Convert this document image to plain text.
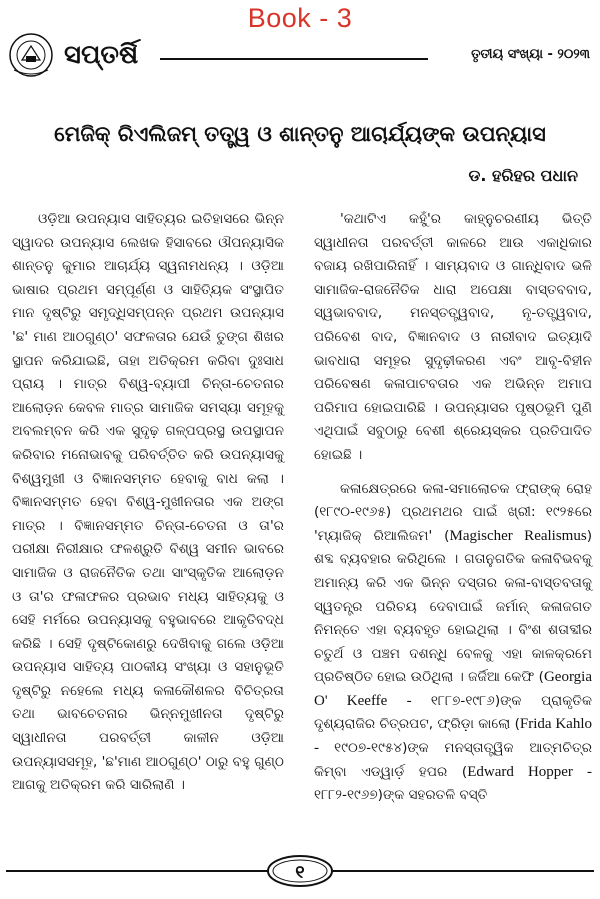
Book - 3
ସପ୍ତର୍ଷି	ତୃତୀୟ ସଂଖ୍ୟା - ୨୦୨୩
ମେଜିକ୍ ରିଏଲିଜମ୍ ତତ୍ତ୍ୱ ଓ ଶାନ୍ତନୁ ଆଚାର୍ଯ୍ୟଙ୍କ ଉପନ୍ୟାସ
ଡ. ହରିହର ପଧାନ

ଓଡ଼ିଆ ଉପନ୍ୟାସ ସାହିତ୍ୟର ଇତିହାସରେ ଭିନ୍ନ ସ୍ୱାଦର ଉପନ୍ୟାସ ଲେଖକ ହିସାବରେ ଔପନ୍ୟାସିକ ଶାନ୍ତନୁ କୁମାର ଆଚାର୍ଯ୍ୟ ସ୍ୱନାମଧନ୍ୟ । ଓଡ଼ିଆ ଭାଷାର ପ୍ରଥମ ସମ୍ପୂର୍ଣ୍ଣ ଓ ସାହିତ୍ୟିକ ସଂସ୍ଥାପିତ ମାନ ଦୃଷ୍ଟିରୁ ସମୃଦ୍ଧିସମ୍ପନ୍ନ ପ୍ରଥମ ଉପନ୍ୟାସ 'ଛ' ମାଣ ଆଠଗୁଣ୍ଠ' ସଫଳତାର ଯେଉଁ ତୁଙ୍ଗ ଶିଖର ସ୍ଥାପନ କରିଯାଇଛି, ତାହା ଅତିକ୍ରମ କରିବା ଦୁଃସାଧ ପ୍ରାୟ । ମାତ୍ର ବିଶ୍ୱ-ବ୍ୟାପୀ ଚିନ୍ତା-ଚେତନାର ଆଲୋଡ଼ନ କେବଳ ମାତ୍ର ସାମାଜିକ ସମସ୍ୟା ସମୂହକୁ ଅବଲମ୍ବନ କରି ଏକ ସୁଦୃଢ଼ ଗଳ୍ପପ୍ରସ୍ଥ ଉପସ୍ଥାପନ କରିବାର ମନୋଭାବକୁ ପରିବର୍ତ୍ତିତ କରି ଉପନ୍ୟାସକୁ ବିଶ୍ୱମୁଖୀ ଓ ବିଜ୍ଞାନସମ୍ମତ ହେବାକୁ ବାଧ କଲା । ବିଜ୍ଞାନସମ୍ମତ ହେବା ବିଶ୍ୱ-ମୁଖୀନତାର ଏକ ଅଙ୍ଗ ମାତ୍ର । ବିଜ୍ଞାନସମ୍ମତ ଚିନ୍ତା-ଚେତନା ଓ ତା'ର ପରୀକ୍ଷା ନିରୀକ୍ଷାର ଫଳଶ୍ରୁତି ବିଶ୍ୱ ସମୀନ ଭାବରେ ସାମାଜିକ ଓ ରାଜନୈତିକ ତଥା ସାଂସ୍କୃତିକ ଆଲୋଡ଼ନ ଓ ତା'ର ଫଳାଫଳର ପ୍ରଭାବ ମଧ୍ୟ ସାହିତ୍ୟକୁ ଓ ସେହି ମର୍ମରେ ଉପନ୍ୟାସକୁ ବହୁଭାବରେ ଆକୃତିବଦ୍ଧ କରିଛି । ସେହି ଦୃଷ୍ଟିକୋଣରୁ ଦେଖିବାକୁ ଗଲେ ଓଡ଼ିଆ ଉପନ୍ୟାସ ସାହିତ୍ୟ ପାଠକୀୟ ସଂଖ୍ୟା ଓ ସହାନୁଭୂତି ଦୃଷ୍ଟିରୁ ନହେଲେ ମଧ୍ୟ କଳାକୌଶଳର ବିଚିତ୍ରତା ତଥା ଭାବଚେତନାର ଭିନ୍ନମୁଖୀନତା ଦୃଷ୍ଟିରୁ ସ୍ୱାଧୀନତା ପରବର୍ତ୍ତୀ କାଳୀନ ଓଡ଼ିଆ ଉପନ୍ୟାସସମୂହ, 'ଛ'ମାଣ ଆଠଗୁଣ୍ଠ' ଠାରୁ ବହୁ ଗୁଣ୍ଠ ଆଗକୁ ଅତିକ୍ରମ କରି ସାରିଲାଣି ।

'କଥାଟିଏ କହୁଁ'ର କାହ୍ନୁଚରଣୀୟ ଭିତ୍ତି ସ୍ୱାଧୀନତା ପରବର୍ତ୍ତୀ କାଳରେ ଆଉ ଏକାଧିକାର ବଜାୟ ରଖିପାରିନାହିଁ । ସାମ୍ୟବାଦ ଓ ଗାନ୍ଧିବାଦ ଭଳି ସାମାଜିକ-ରାଜନୈତିକ ଧାରା ଅପେକ୍ଷା ବାସ୍ତବବାଦ, ସ୍ୱଭାବବାଦ, ମନସ୍ତତ୍ତ୍ୱବାଦ, ନୃ-ତତ୍ତ୍ୱବାଦ, ପରିବେଶ ବାଦ, ବିଜ୍ଞାନବାଦ ଓ ନାରୀବାଦ ଇତ୍ୟାଦି ଭାବଧାରା ସମୂହର ସୁଦୃଢ଼ୀକରଣ ଏବଂ ଆବୃ-ବିହୀନ ପରିବେଷଣ କଳାପାଟବତାର ଏକ ଅଭିନ୍ନ ଅମାପ ପରିମାପ ହୋଇପାରିଛି । ଉପନ୍ୟାସର ପୃଷ୍ଠଭୂମି ପୁଣି ଏଥିପାଇଁ ସବୁଠାରୁ ବେଶୀ ଶ୍ରେୟସ୍କର ପ୍ରତିପାଦିତ ହୋଇଛି ।

କଳାକ୍ଷେତ୍ରରେ କଳା-ସମାଲୋଚକ ଫ୍ରାଙ୍କ୍ ରୋହ (୧୮୯୦-୧୯୬୫) ପ୍ରଥମଥର ପାଇଁ ଖ୍ରୀ: ୧୯୨୫ରେ 'ମ୍ୟାଜିକ୍ ରିଆଲିଜମ' (Magischer Realismus) ଶବ୍ଦ ବ୍ୟବହାର କରିଥିଲେ । ଗତାନୁଗତିକ କଳାବିଭବକୁ ଅମାନ୍ୟ କରି ଏକ ଭିନ୍ନ ଦସ୍ତାର କଳା-ବାସ୍ତବତାକୁ ସ୍ୱତନ୍ତ୍ର ପରିଚୟ ଦେବାପାଇଁ ଜର୍ମାନ୍ କଳାଜଗତ ନିମନ୍ତେ ଏହା ବ୍ୟବହୃତ ହୋଇଥିଲା । ବିଂଶ ଶତାବ୍ଦୀର ଚତୁର୍ଥ ଓ ପଞ୍ଚମ ଦଶନ୍ଧି ବେଳକୁ ଏହା କାଳକ୍ରମେ ପ୍ରତିଷ୍ଠିତ ହୋଇ ଉଠିଥିଲା । ଜର୍ଜିଆ କେଫି (Georgia O' Keeffe - ୧୮୮୭-୧୯୮୬)ଙ୍କ ପ୍ରାକୃତିକ ଦୃଶ୍ୟରାଜିର ଚିତ୍ରପଟ, ଫ୍ରିଡ଼ା କାଲୋ (Frida Kahlo - ୧୯୦୭-୧୯୫୪)ଙ୍କ ମନସ୍ତାତ୍ତ୍ୱିକ ଆତ୍ମଚିତ୍ର କିମ୍ବା ଏଡ୍ୱାର୍ଡ଼ ହପର (Edward Hopper - ୧୮୮୨-୧୯୬୭)ଙ୍କ ସହରତଳି ବସ୍ତି

୧
